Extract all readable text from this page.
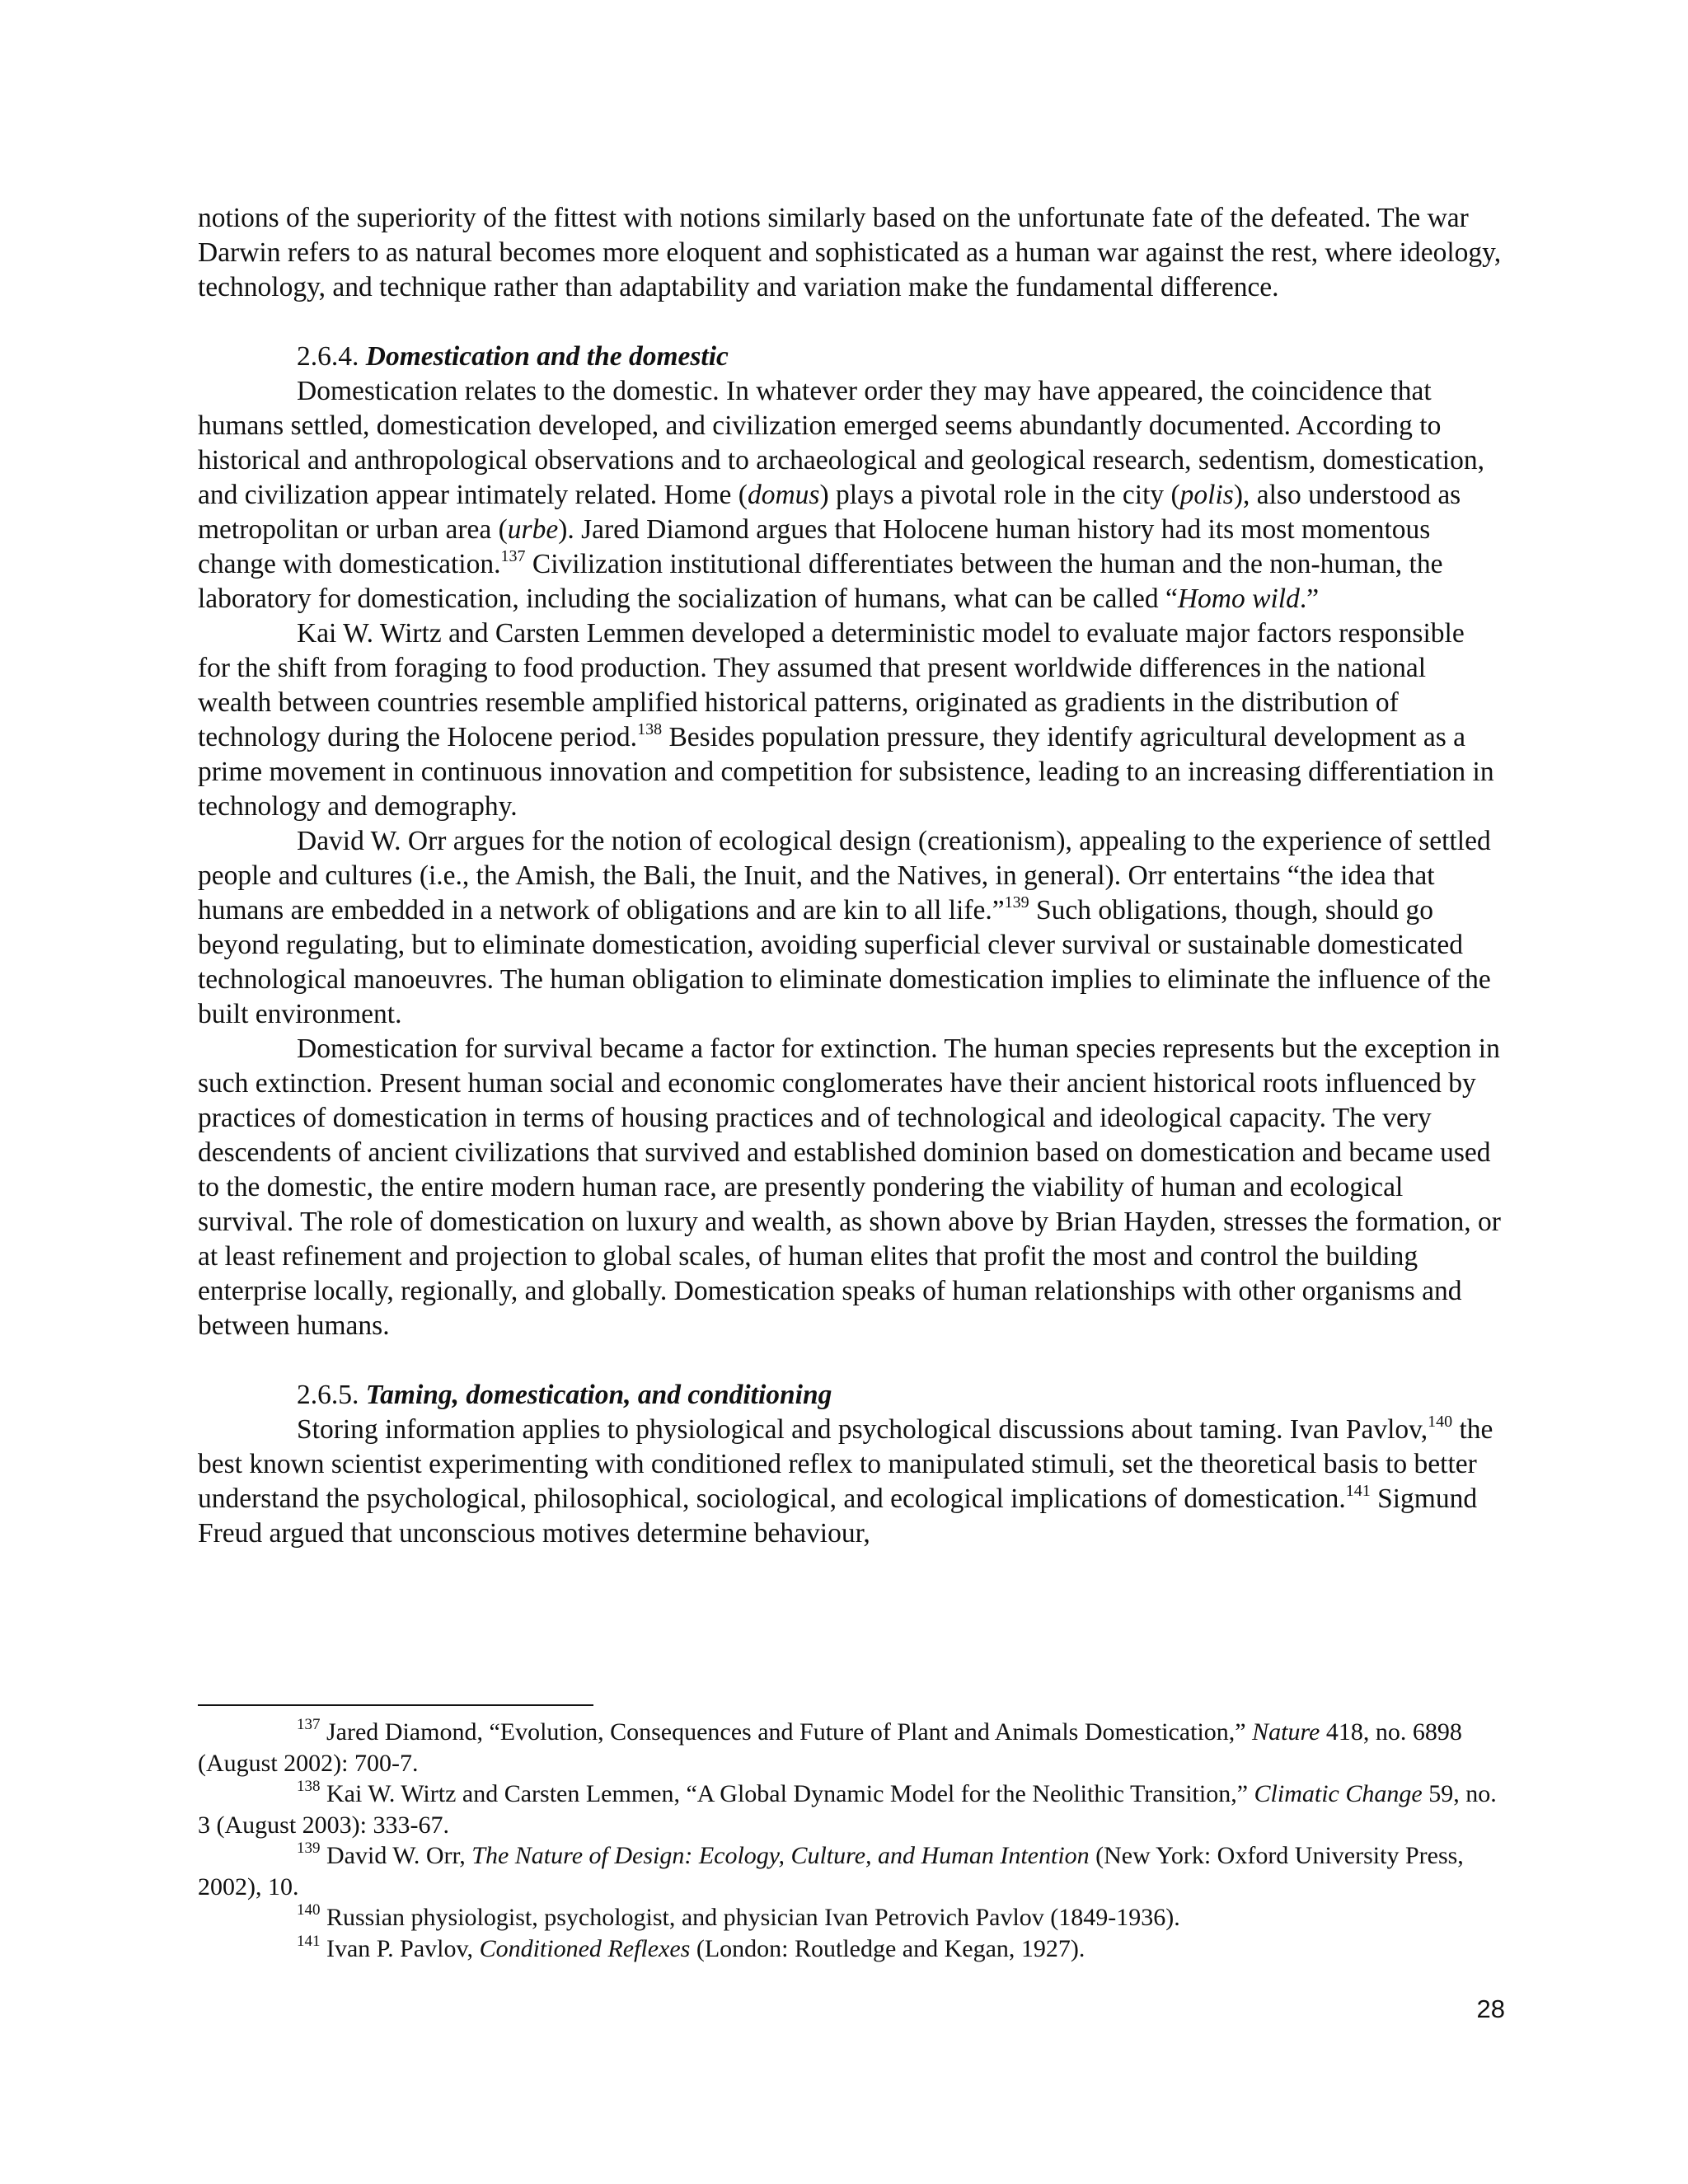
notions of the superiority of the fittest with notions similarly based on the unfortunate fate of the defeated. The war Darwin refers to as natural becomes more eloquent and sophisticated as a human war against the rest, where ideology, technology, and technique rather than adaptability and variation make the fundamental difference.

2.6.4. Domestication and the domestic

Domestication relates to the domestic. In whatever order they may have appeared, the coincidence that humans settled, domestication developed, and civilization emerged seems abundantly documented. According to historical and anthropological observations and to archaeological and geological research, sedentism, domestication, and civilization appear intimately related. Home (domus) plays a pivotal role in the city (polis), also understood as metropolitan or urban area (urbe). Jared Diamond argues that Holocene human history had its most momentous change with domestication.$^{137}$ Civilization institutional differentiates between the human and the non-human, the laboratory for domestication, including the socialization of humans, what can be called “Homo wild.”

Kai W. Wirtz and Carsten Lemmen developed a deterministic model to evaluate major factors responsible for the shift from foraging to food production. They assumed that present worldwide differences in the national wealth between countries resemble amplified historical patterns, originated as gradients in the distribution of technology during the Holocene period.$^{138}$ Besides population pressure, they identify agricultural development as a prime movement in continuous innovation and competition for subsistence, leading to an increasing differentiation in technology and demography.

David W. Orr argues for the notion of ecological design (creationism), appealing to the experience of settled people and cultures (i.e., the Amish, the Bali, the Inuit, and the Natives, in general). Orr entertains “the idea that humans are embedded in a network of obligations and are kin to all life.”$^{139}$ Such obligations, though, should go beyond regulating, but to eliminate domestication, avoiding superficial clever survival or sustainable domesticated technological manoeuvres. The human obligation to eliminate domestication implies to eliminate the influence of the built environment.

Domestication for survival became a factor for extinction. The human species represents but the exception in such extinction. Present human social and economic conglomerates have their ancient historical roots influenced by practices of domestication in terms of housing practices and of technological and ideological capacity. The very descendents of ancient civilizations that survived and established dominion based on domestication and became used to the domestic, the entire modern human race, are presently pondering the viability of human and ecological survival. The role of domestication on luxury and wealth, as shown above by Brian Hayden, stresses the formation, or at least refinement and projection to global scales, of human elites that profit the most and control the building enterprise locally, regionally, and globally. Domestication speaks of human relationships with other organisms and between humans.

2.6.5. Taming, domestication, and conditioning

Storing information applies to physiological and psychological discussions about taming. Ivan Pavlov,$^{140}$ the best known scientist experimenting with conditioned reflex to manipulated stimuli, set the theoretical basis to better understand the psychological, philosophical, sociological, and ecological implications of domestication.$^{141}$ Sigmund Freud argued that unconscious motives determine behaviour,

$^{137}$ Jared Diamond, “Evolution, Consequences and Future of Plant and Animals Domestication,” Nature 418, no. 6898 (August 2002): 700-7.

$^{138}$ Kai W. Wirtz and Carsten Lemmen, “A Global Dynamic Model for the Neolithic Transition,” Climatic Change 59, no. 3 (August 2003): 333-67.

$^{139}$ David W. Orr, The Nature of Design: Ecology, Culture, and Human Intention (New York: Oxford University Press, 2002), 10.

$^{140}$ Russian physiologist, psychologist, and physician Ivan Petrovich Pavlov (1849-1936).

$^{141}$ Ivan P. Pavlov, Conditioned Reflexes (London: Routledge and Kegan, 1927).

28
